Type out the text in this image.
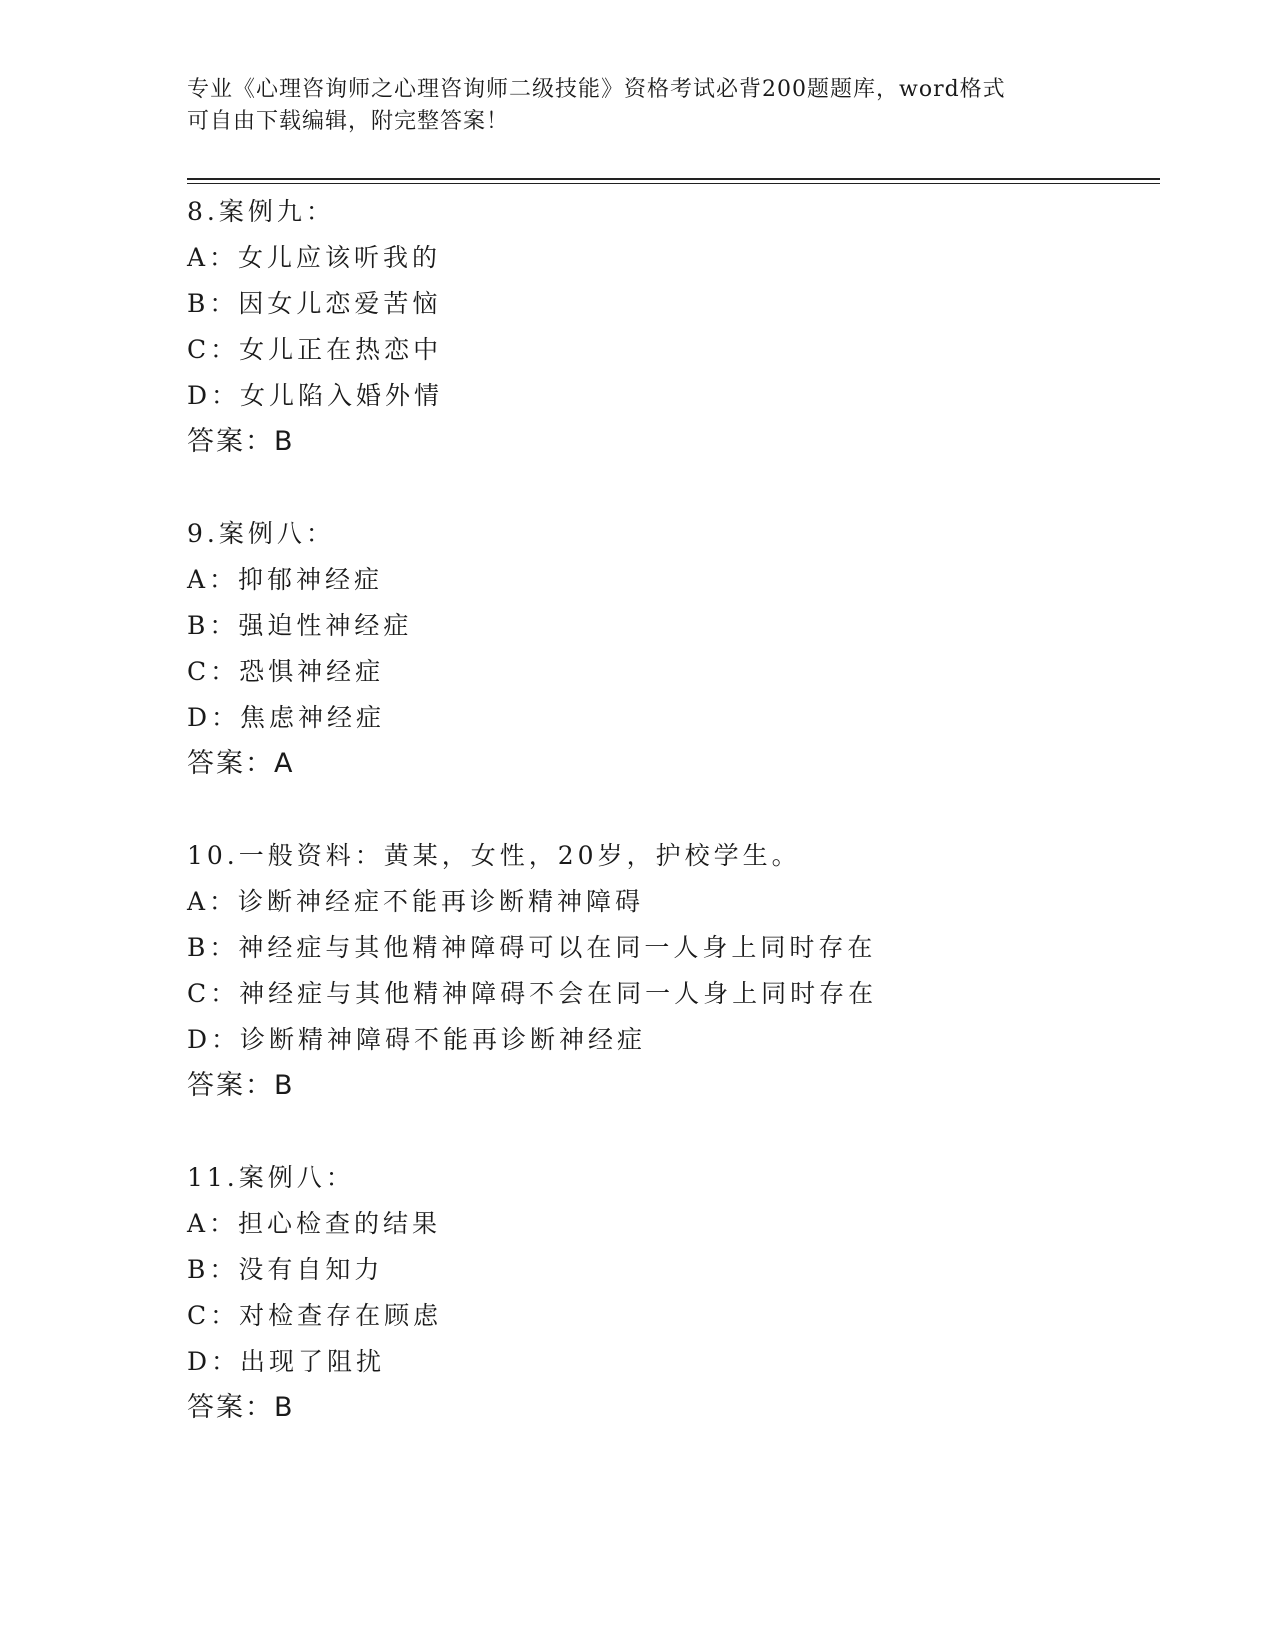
专业《心理咨询师之心理咨询师二级技能》资格考试必背200题题库，word格式
可自由下载编辑，附完整答案！
8.案例九：
A：女儿应该听我的
B：因女儿恋爱苦恼
C：女儿正在热恋中
D：女儿陷入婚外情
答案：B
9.案例八：
A：抑郁神经症
B：强迫性神经症
C：恐惧神经症
D：焦虑神经症
答案：A
10.一般资料：黄某，女性，20岁，护校学生。
A：诊断神经症不能再诊断精神障碍
B：神经症与其他精神障碍可以在同一人身上同时存在
C：神经症与其他精神障碍不会在同一人身上同时存在
D：诊断精神障碍不能再诊断神经症
答案：B
11.案例八：
A：担心检查的结果
B：没有自知力
C：对检查存在顾虑
D：出现了阻扰
答案：B
